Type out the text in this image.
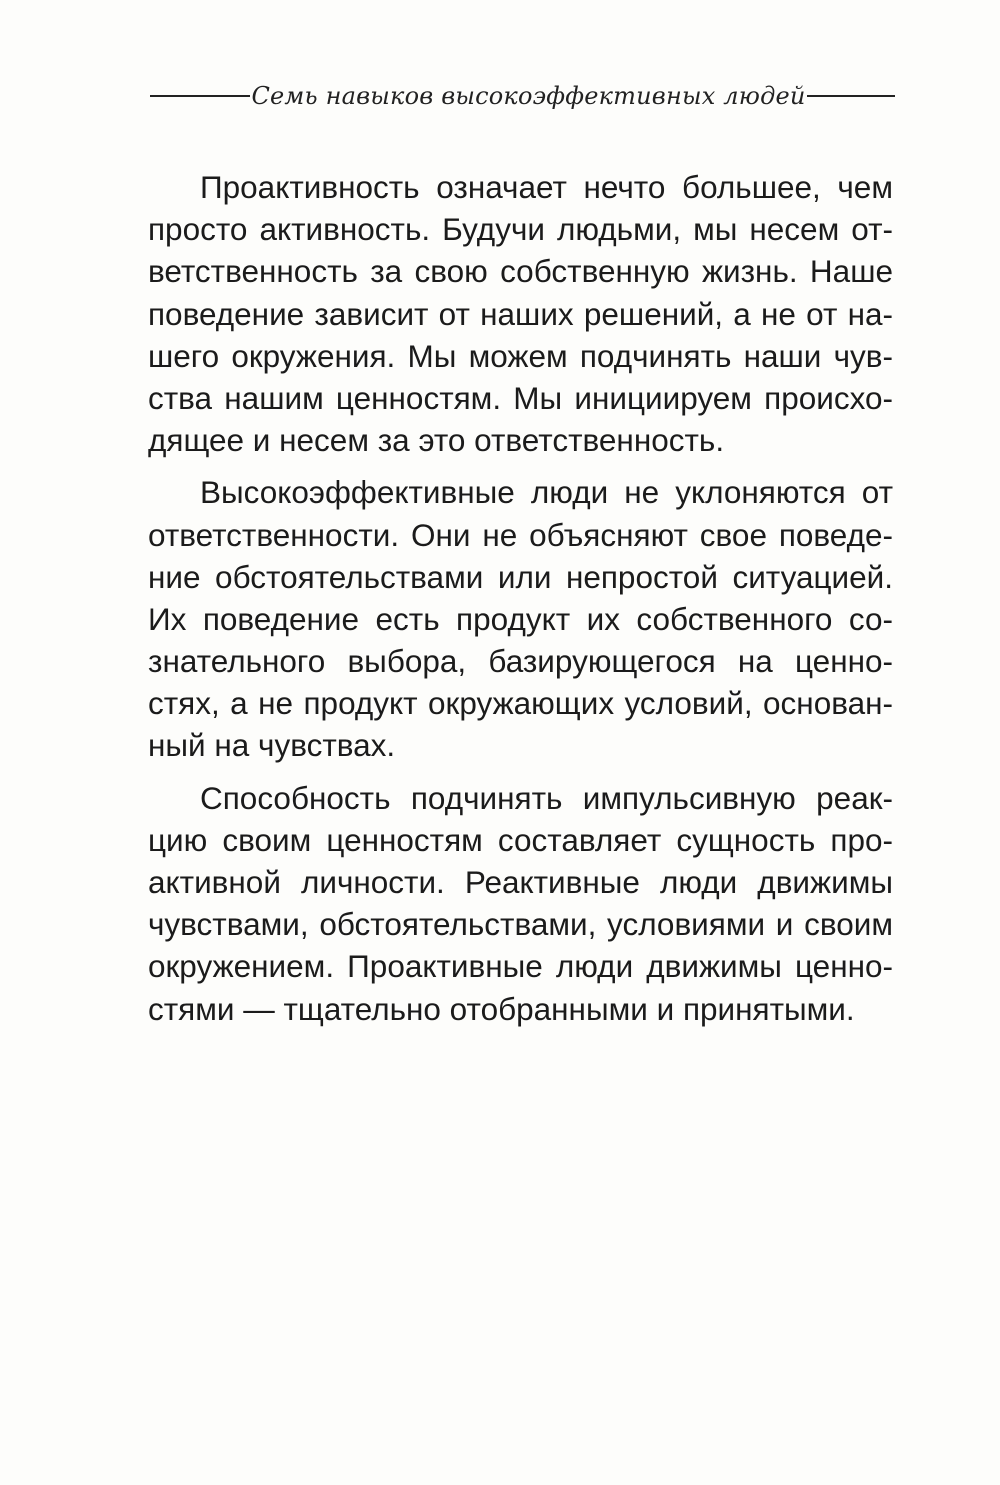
Семь навыков высокоэффективных людей
Проактивность означает нечто большее, чем
просто активность. Будучи людьми, мы несем от-
ветственность за свою собственную жизнь. Наше
поведение зависит от наших решений, а не от на-
шего окружения. Мы можем подчинять наши чув-
ства нашим ценностям. Мы инициируем происхо-
дящее и несем за это ответственность.
Высокоэффективные люди не уклоняются от
ответственности. Они не объясняют свое поведе-
ние обстоятельствами или непростой ситуацией.
Их поведение есть продукт их собственного со-
знательного выбора, базирующегося на ценно-
стях, а не продукт окружающих условий, основан-
ный на чувствах.
Способность подчинять импульсивную реак-
цию своим ценностям составляет сущность про-
активной личности. Реактивные люди движимы
чувствами, обстоятельствами, условиями и своим
окружением. Проактивные люди движимы ценно-
стями — тщательно отобранными и принятыми.
